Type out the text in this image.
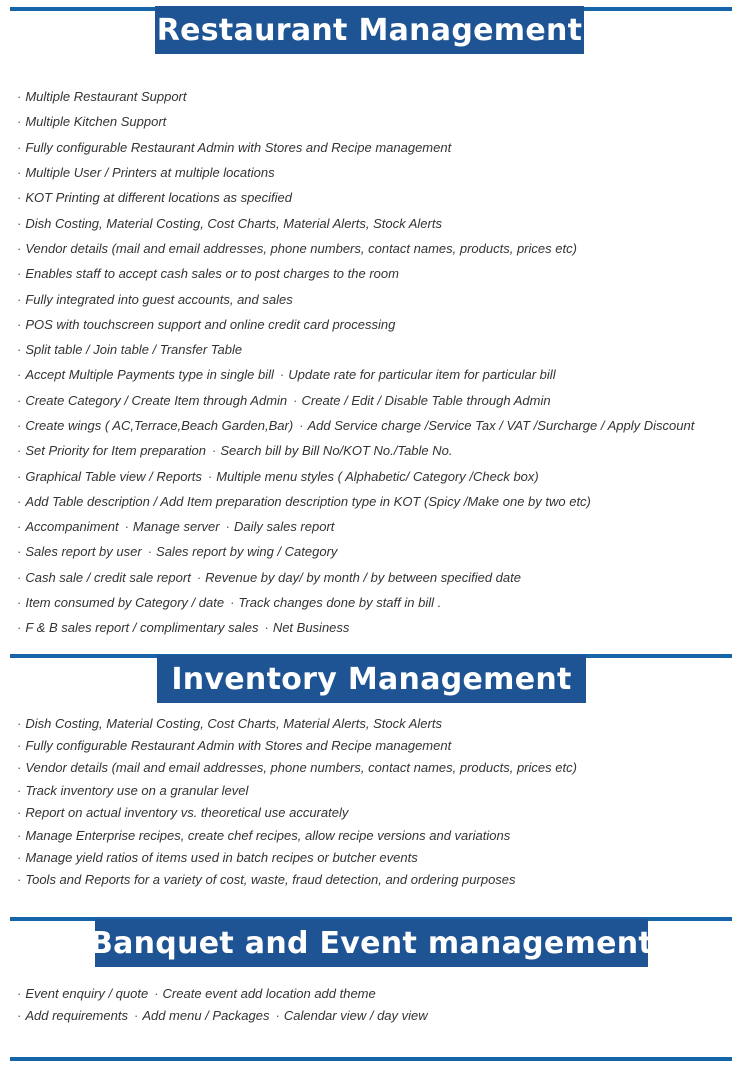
Restaurant Management
· Multiple Restaurant Support
· Multiple Kitchen Support
· Fully configurable Restaurant Admin with Stores and Recipe management
· Multiple User / Printers at multiple locations
· KOT Printing at different locations as specified
· Dish Costing, Material Costing, Cost Charts, Material Alerts, Stock Alerts
· Vendor details (mail and email addresses, phone numbers, contact names, products, prices etc)
· Enables staff to accept cash sales or to post charges to the room
· Fully integrated into guest accounts, and sales
· POS with touchscreen support and online credit card processing
· Split table / Join table / Transfer Table
· Accept Multiple Payments type in single bill · Update rate for particular item for particular bill
· Create Category / Create Item through Admin · Create / Edit / Disable Table through Admin
· Create wings ( AC,Terrace,Beach Garden,Bar) · Add Service charge /Service Tax / VAT /Surcharge / Apply Discount
· Set Priority for Item preparation · Search bill by Bill No/KOT No./Table No.
· Graphical Table view / Reports · Multiple menu styles ( Alphabetic/ Category /Check box)
· Add Table description / Add Item preparation description type in KOT (Spicy /Make one by two etc)
· Accompaniment · Manage server · Daily sales report
· Sales report by user · Sales report by wing / Category
· Cash sale / credit sale report · Revenue by day/ by month / by between specified date
· Item consumed by Category / date · Track changes done by staff in bill .
· F & B sales report / complimentary sales · Net Business
Inventory Management
· Dish Costing, Material Costing, Cost Charts, Material Alerts, Stock Alerts
· Fully configurable Restaurant Admin with Stores and Recipe management
· Vendor details (mail and email addresses, phone numbers, contact names, products, prices etc)
· Track inventory use on a granular level
· Report on actual inventory vs. theoretical use accurately
· Manage Enterprise recipes, create chef recipes, allow recipe versions and variations
· Manage yield ratios of items used in batch recipes or butcher events
· Tools and Reports for a variety of cost, waste, fraud detection, and ordering purposes
Banquet and Event management
· Event enquiry / quote · Create event add location add theme
· Add requirements · Add menu / Packages · Calendar view / day view
